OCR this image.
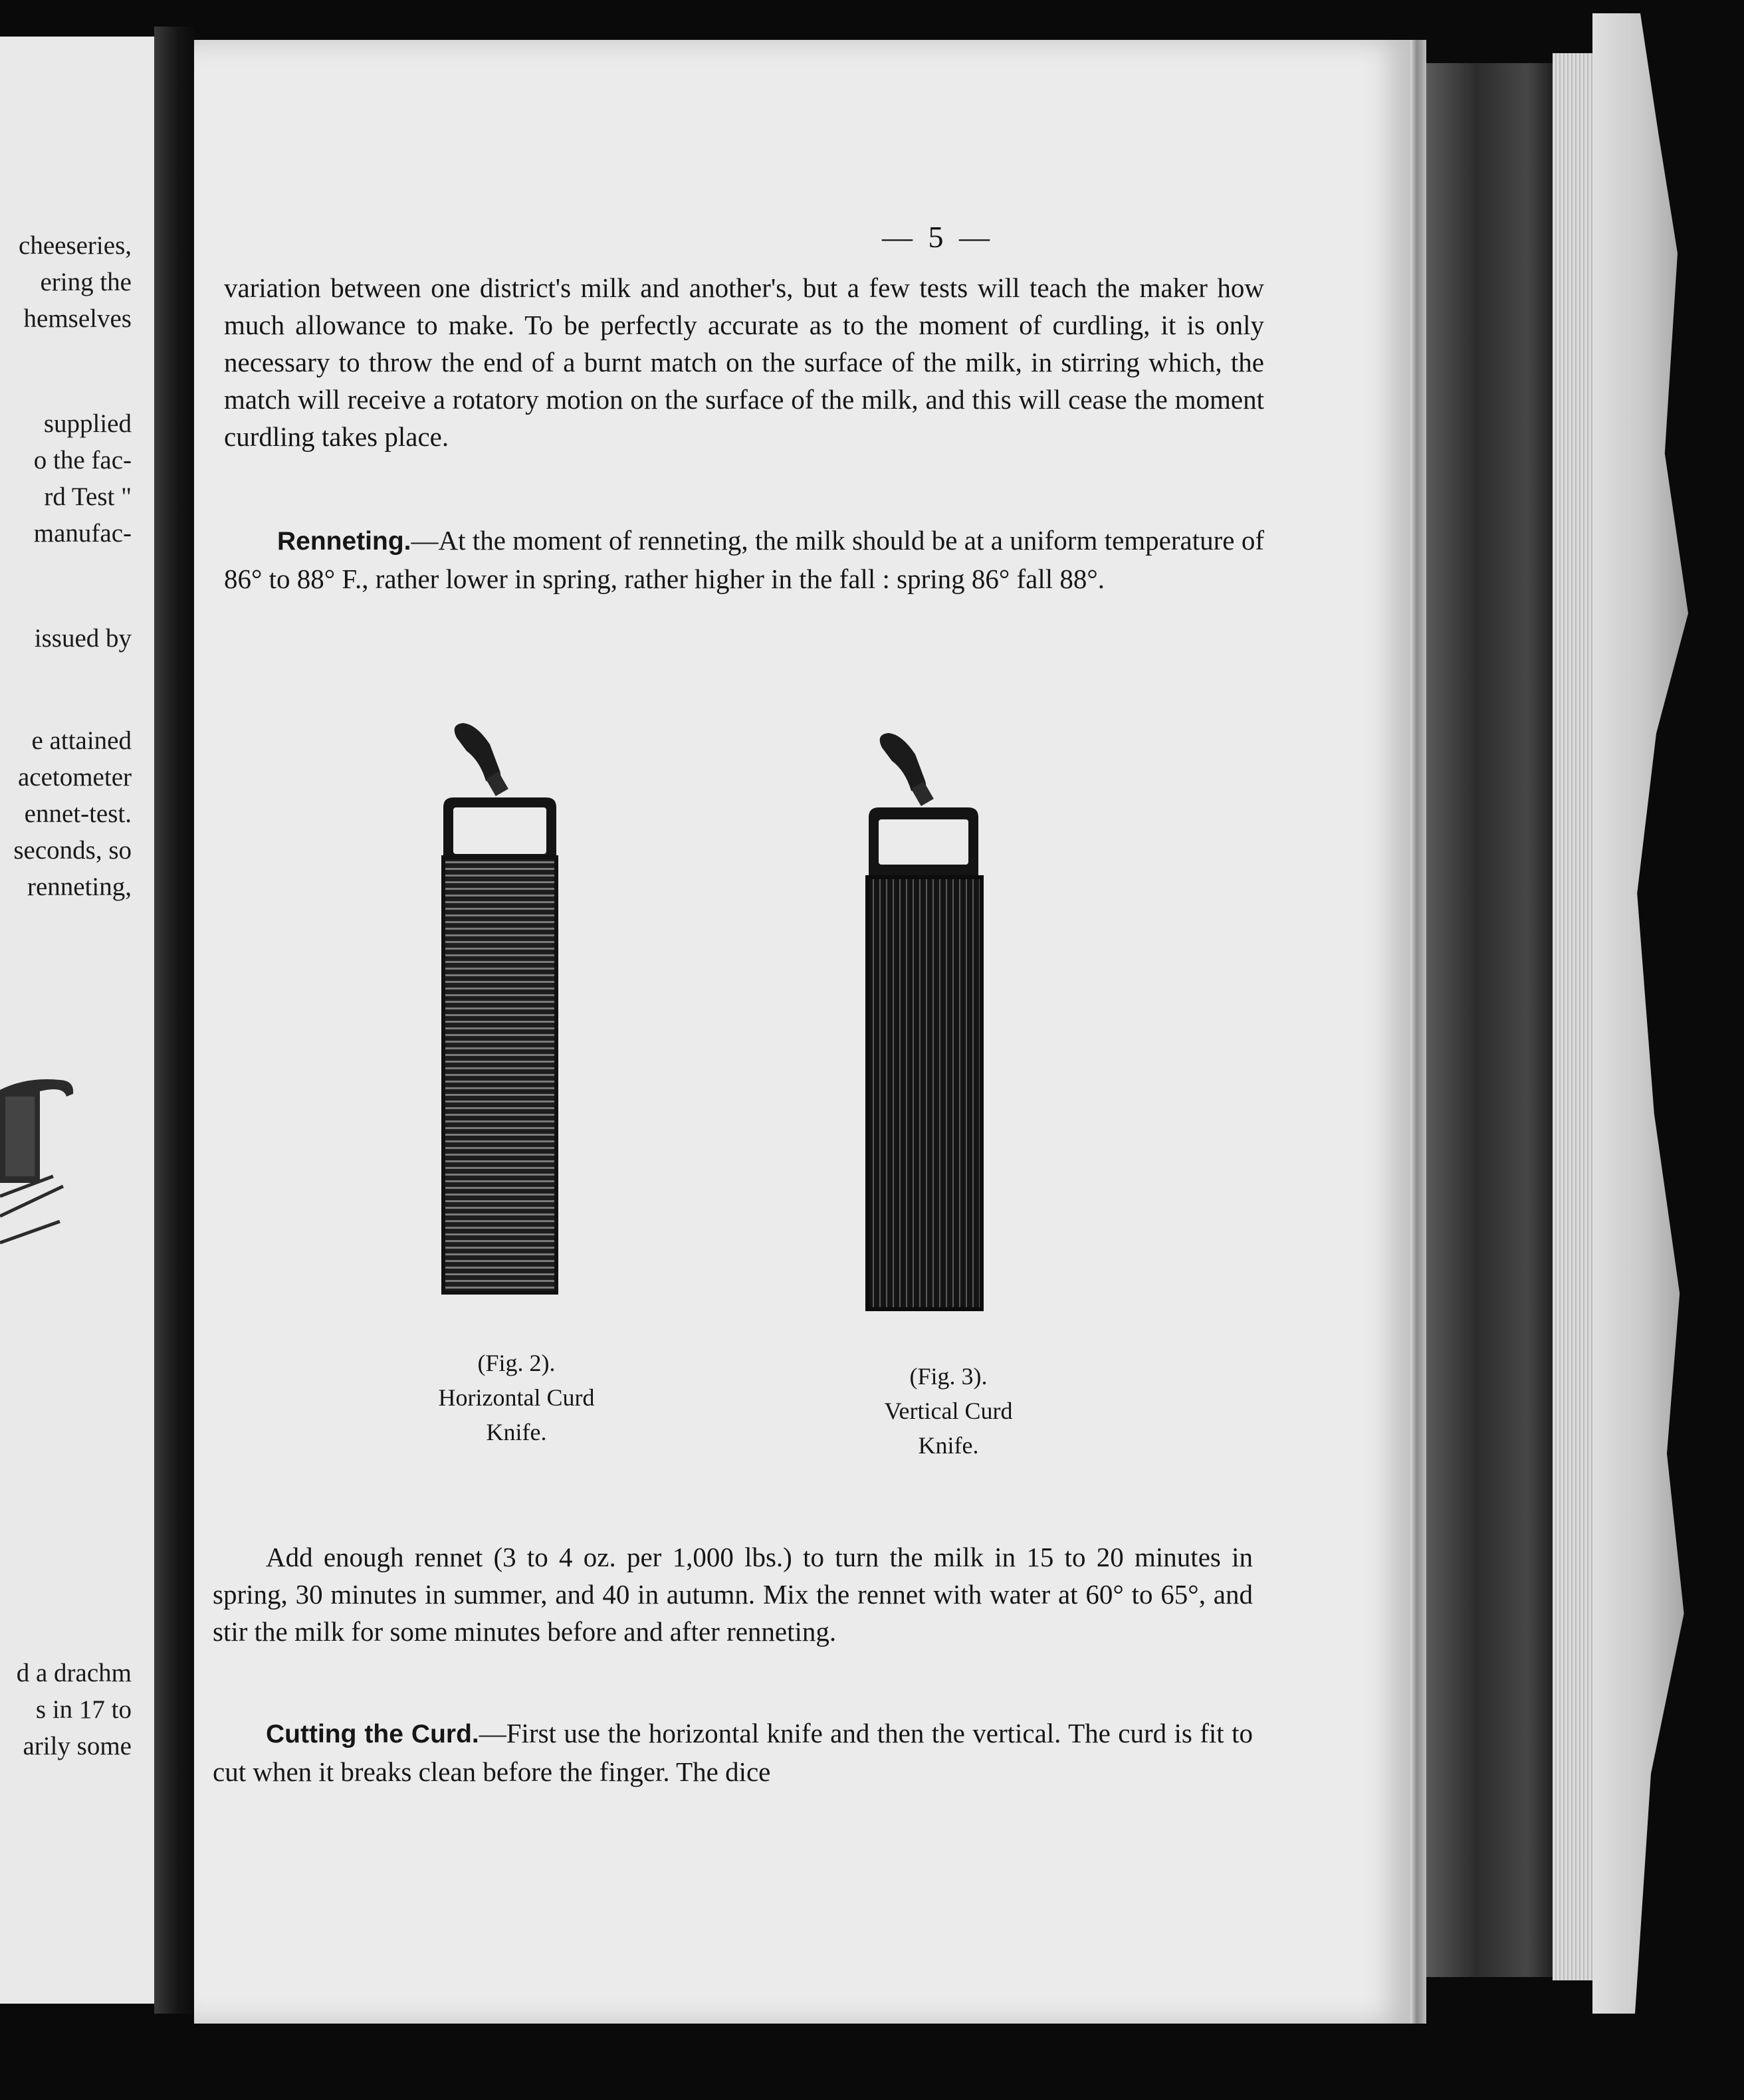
cheeseries,

ering the

hemselves

supplied

o the fac-

rd Test "

manufac-

issued by

e attained

acetometer

ennet-test.

seconds, so

renneting,

d a drachm

s in 17 to

arily some

— 5 —

variation between one district's milk and another's, but a few tests will teach the maker how much allowance to make. To be perfectly accurate as to the moment of curdling, it is only necessary to throw the end of a burnt match on the surface of the milk, in stirring which, the match will receive a rotatory motion on the surface of the milk, and this will cease the moment curdling takes place.

Renneting.—At the moment of renneting, the milk should be at a uniform temperature of 86° to 88° F., rather lower in spring, rather higher in the fall : spring 86° fall 88°.

(Fig. 2).
Horizontal Curd
Knife.
(Fig. 3).
Vertical Curd
Knife.

Add enough rennet (3 to 4 oz. per 1,000 lbs.) to turn the milk in 15 to 20 minutes in spring, 30 minutes in summer, and 40 in autumn. Mix the rennet with water at 60° to 65°, and stir the milk for some minutes before and after renneting.

Cutting the Curd.—First use the horizontal knife and then the vertical. The curd is fit to cut when it breaks clean before the finger. The dice
